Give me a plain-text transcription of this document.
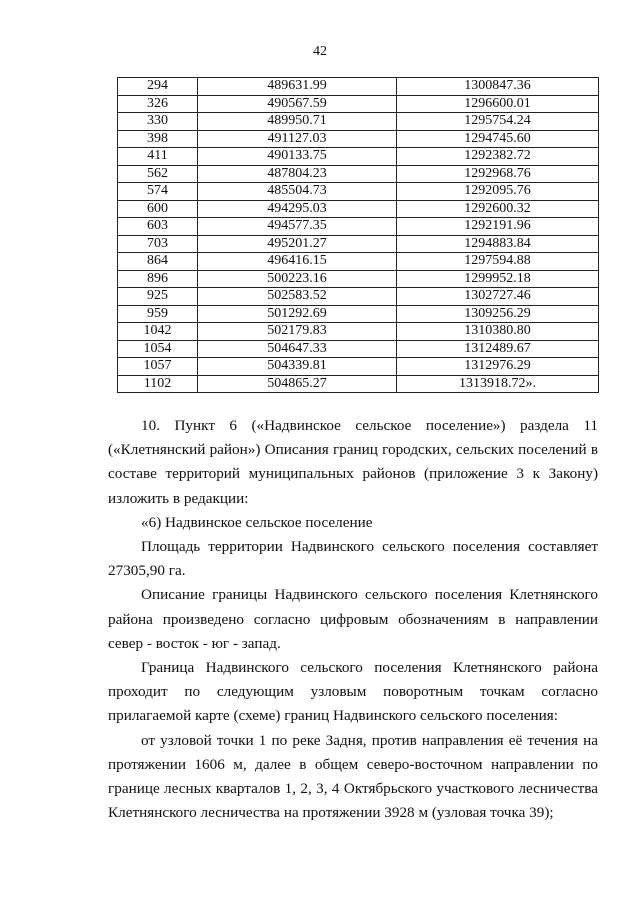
42
294	489631.99	1300847.36
326	490567.59	1296600.01
330	489950.71	1295754.24
398	491127.03	1294745.60
411	490133.75	1292382.72
562	487804.23	1292968.76
574	485504.73	1292095.76
600	494295.03	1292600.32
603	494577.35	1292191.96
703	495201.27	1294883.84
864	496416.15	1297594.88
896	500223.16	1299952.18
925	502583.52	1302727.46
959	501292.69	1309256.29
1042	502179.83	1310380.80
1054	504647.33	1312489.67
1057	504339.81	1312976.29
1102	504865.27	1313918.72».

10. Пункт 6 («Надвинское сельское поселение») раздела 11 («Клетнянский район») Описания границ городских, сельских поселений в составе территорий муниципальных районов (приложение 3 к Закону) изложить в редакции:

«6) Надвинское сельское поселение

Площадь территории Надвинского сельского поселения составляет 27305,90 га.

Описание границы Надвинского сельского поселения Клетнянского района произведено согласно цифровым обозначениям в направлении север - восток - юг - запад.

Граница Надвинского сельского поселения Клетнянского района проходит по следующим узловым поворотным точкам согласно прилагаемой карте (схеме) границ Надвинского сельского поселения:

от узловой точки 1 по реке Задня, против направления её течения на протяжении 1606 м, далее в общем северо-восточном направлении по границе лесных кварталов 1, 2, 3, 4 Октябрьского участкового лесничества Клетнянского лесничества на протяжении 3928 м (узловая точка 39);
